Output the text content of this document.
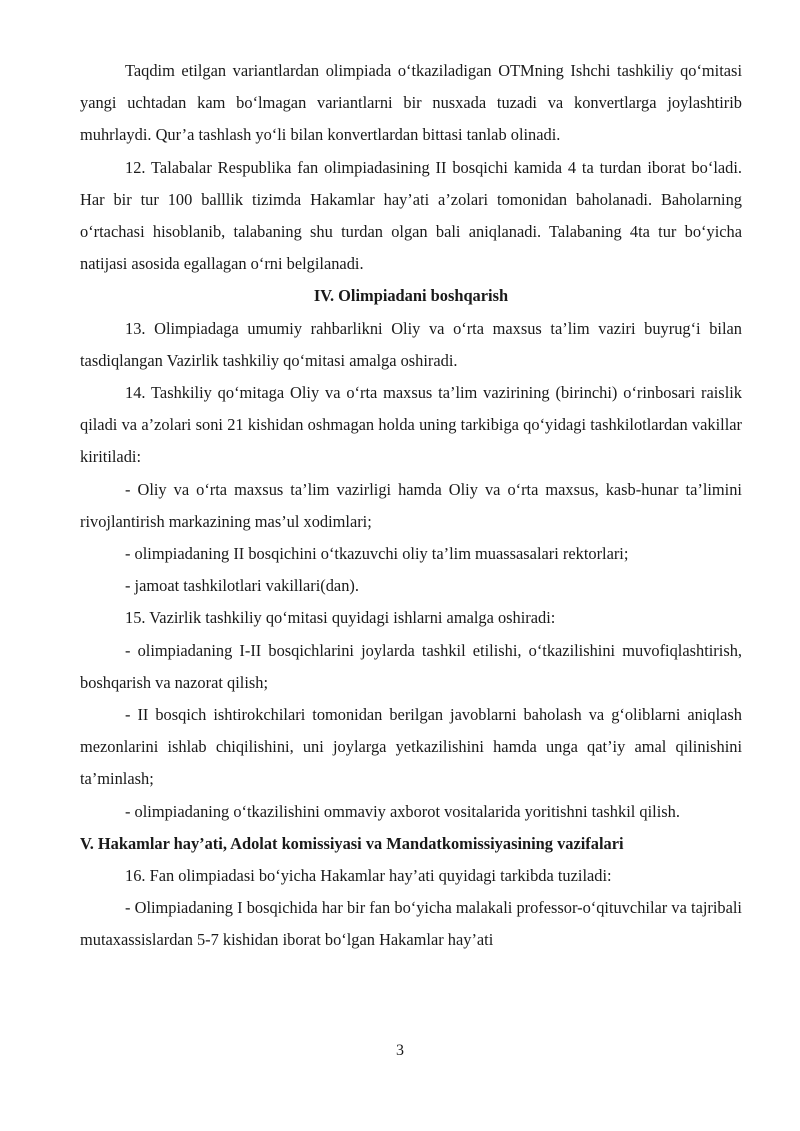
Taqdim etilgan variantlardan olimpiada o‘tkaziladigan OTMning Ishchi tashkiliy qo‘mitasi yangi uchtadan kam bo‘lmagan variantlarni bir nusxada tuzadi va konvertlarga joylashtirib muhrlaydi. Qur’a tashlash yo‘li bilan konvertlardan bittasi tanlab olinadi.

12. Talabalar Respublika fan olimpiadasining II bosqichi kamida 4 ta turdan iborat bo‘ladi. Har bir tur 100 balllik tizimda Hakamlar hay’ati a’zolari tomonidan baholanadi. Baholarning o‘rtachasi hisoblanib, talabaning shu turdan olgan bali aniqlanadi. Talabaning 4ta tur bo‘yicha natijasi asosida egallagan o‘rni belgilanadi.

IV. Olimpiadani boshqarish

13. Olimpiadaga umumiy rahbarlikni Oliy va o‘rta maxsus ta’lim vaziri buyrug‘i bilan tasdiqlangan Vazirlik tashkiliy qo‘mitasi amalga oshiradi.

14. Tashkiliy qo‘mitaga Oliy va o‘rta maxsus ta’lim vazirining (birinchi) o‘rinbosari raislik qiladi va a’zolari soni 21 kishidan oshmagan holda uning tarkibiga qo‘yidagi tashkilotlardan vakillar kiritiladi:

- Oliy va o‘rta maxsus ta’lim vazirligi hamda Oliy va o‘rta maxsus, kasb-hunar ta’limini rivojlantirish markazining mas’ul xodimlari;

- olimpiadaning II bosqichini o‘tkazuvchi oliy ta’lim muassasalari rektorlari;

- jamoat tashkilotlari vakillari(dan).

15. Vazirlik tashkiliy qo‘mitasi quyidagi ishlarni amalga oshiradi:

- olimpiadaning I-II bosqichlarini joylarda tashkil etilishi, o‘tkazilishini muvofiqlashtirish, boshqarish va nazorat qilish;

- II bosqich ishtirokchilari tomonidan berilgan javoblarni baholash va g‘oliblarni aniqlash mezonlarini ishlab chiqilishini, uni joylarga yetkazilishini hamda unga qat’iy amal qilinishini ta’minlash;

- olimpiadaning o‘tkazilishini ommaviy axborot vositalarida yoritishni tashkil qilish.

V. Hakamlar hay’ati, Adolat komissiyasi va Mandatkomissiyasining vazifalari

16. Fan olimpiadasi bo‘yicha Hakamlar hay’ati quyidagi tarkibda tuziladi:

- Olimpiadaning I bosqichida har bir fan bo‘yicha malakali professor-o‘qituvchilar va tajribali mutaxassislardan 5-7 kishidan iborat bo‘lgan Hakamlar hay’ati

3
